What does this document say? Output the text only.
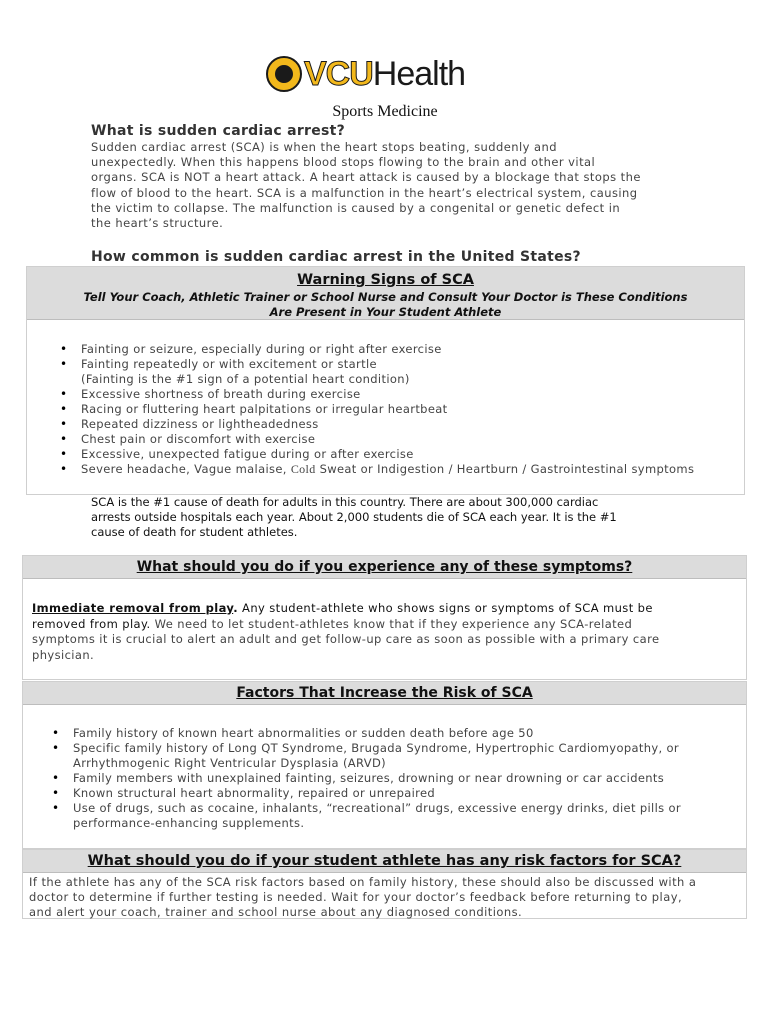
VCU Health
Sports Medicine
What is sudden cardiac arrest?
Sudden cardiac arrest (SCA) is when the heart stops beating, suddenly and
unexpectedly. When this happens blood stops flowing to the brain and other vital
organs. SCA is NOT a heart attack. A heart attack is caused by a blockage that stops the
flow of blood to the heart. SCA is a malfunction in the heart’s electrical system, causing
the victim to collapse. The malfunction is caused by a congenital or genetic defect in
the heart’s structure.
How common is sudden cardiac arrest in the United States?
Warning Signs of SCA
Tell Your Coach, Athletic Trainer or School Nurse and Consult Your Doctor is These Conditions
Are Present in Your Student Athlete
• Fainting or seizure, especially during or right after exercise
• Fainting repeatedly or with excitement or startle
(Fainting is the #1 sign of a potential heart condition)
• Excessive shortness of breath during exercise
• Racing or fluttering heart palpitations or irregular heartbeat
• Repeated dizziness or lightheadedness
• Chest pain or discomfort with exercise
• Excessive, unexpected fatigue during or after exercise
• Severe headache, Vague malaise, Cold Sweat or Indigestion / Heartburn / Gastrointestinal symptoms
SCA is the #1 cause of death for adults in this country. There are about 300,000 cardiac
arrests outside hospitals each year. About 2,000 students die of SCA each year. It is the #1
cause of death for student athletes.
What should you do if you experience any of these symptoms?
Immediate removal from play. Any student-athlete who shows signs or symptoms of SCA must be
removed from play. We need to let student-athletes know that if they experience any SCA-related
symptoms it is crucial to alert an adult and get follow-up care as soon as possible with a primary care
physician.
Factors That Increase the Risk of SCA
• Family history of known heart abnormalities or sudden death before age 50
• Specific family history of Long QT Syndrome, Brugada Syndrome, Hypertrophic Cardiomyopathy, or
Arrhythmogenic Right Ventricular Dysplasia (ARVD)
• Family members with unexplained fainting, seizures, drowning or near drowning or car accidents
• Known structural heart abnormality, repaired or unrepaired
• Use of drugs, such as cocaine, inhalants, “recreational” drugs, excessive energy drinks, diet pills or
performance-enhancing supplements.
What should you do if your student athlete has any risk factors for SCA?
If the athlete has any of the SCA risk factors based on family history, these should also be discussed with a
doctor to determine if further testing is needed. Wait for your doctor’s feedback before returning to play,
and alert your coach, trainer and school nurse about any diagnosed conditions.
